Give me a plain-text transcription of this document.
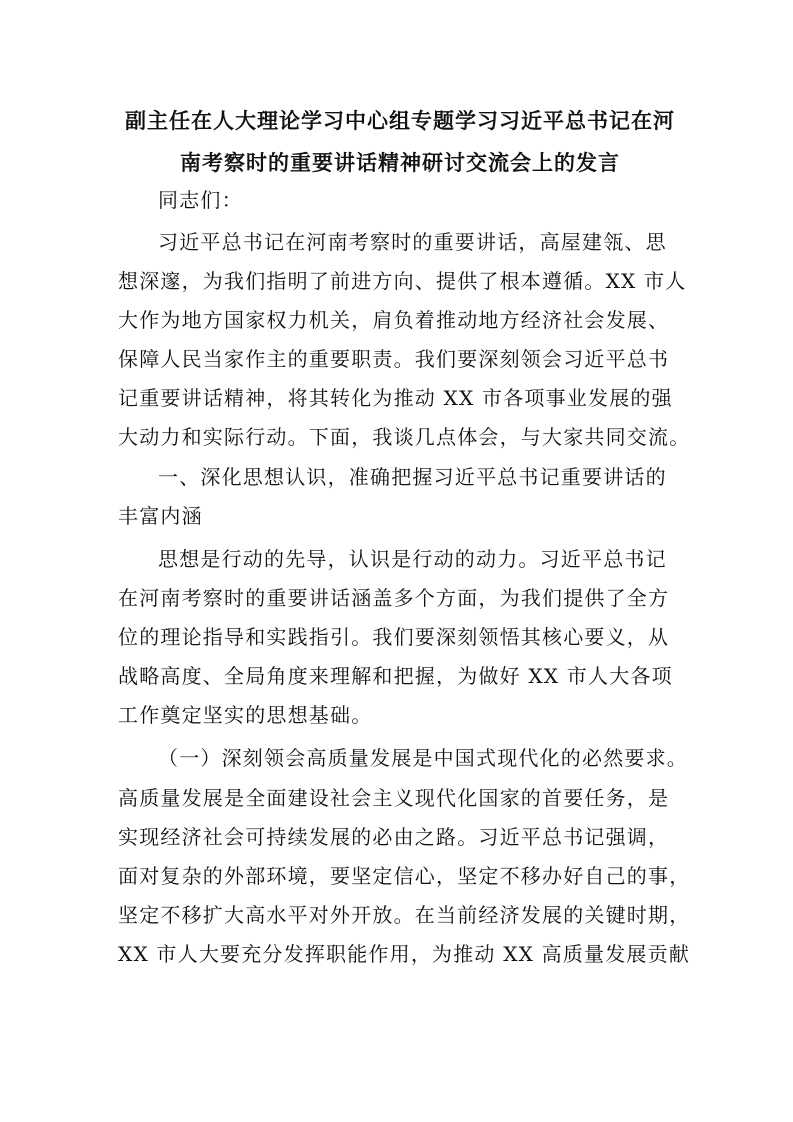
副主任在人大理论学习中心组专题学习习近平总书记在河
南考察时的重要讲话精神研讨交流会上的发言
同志们：
习近平总书记在河南考察时的重要讲话，高屋建瓴、思
想深邃，为我们指明了前进方向、提供了根本遵循。XX 市人
大作为地方国家权力机关，肩负着推动地方经济社会发展、
保障人民当家作主的重要职责。我们要深刻领会习近平总书
记重要讲话精神，将其转化为推动 XX 市各项事业发展的强
大动力和实际行动。下面，我谈几点体会，与大家共同交流。
一、深化思想认识，准确把握习近平总书记重要讲话的
丰富内涵
思想是行动的先导，认识是行动的动力。习近平总书记
在河南考察时的重要讲话涵盖多个方面，为我们提供了全方
位的理论指导和实践指引。我们要深刻领悟其核心要义，从
战略高度、全局角度来理解和把握，为做好 XX 市人大各项
工作奠定坚实的思想基础。
（一）深刻领会高质量发展是中国式现代化的必然要求。
高质量发展是全面建设社会主义现代化国家的首要任务，是
实现经济社会可持续发展的必由之路。习近平总书记强调，
面对复杂的外部环境，要坚定信心，坚定不移办好自己的事，
坚定不移扩大高水平对外开放。在当前经济发展的关键时期，
XX 市人大要充分发挥职能作用，为推动 XX 高质量发展贡献
